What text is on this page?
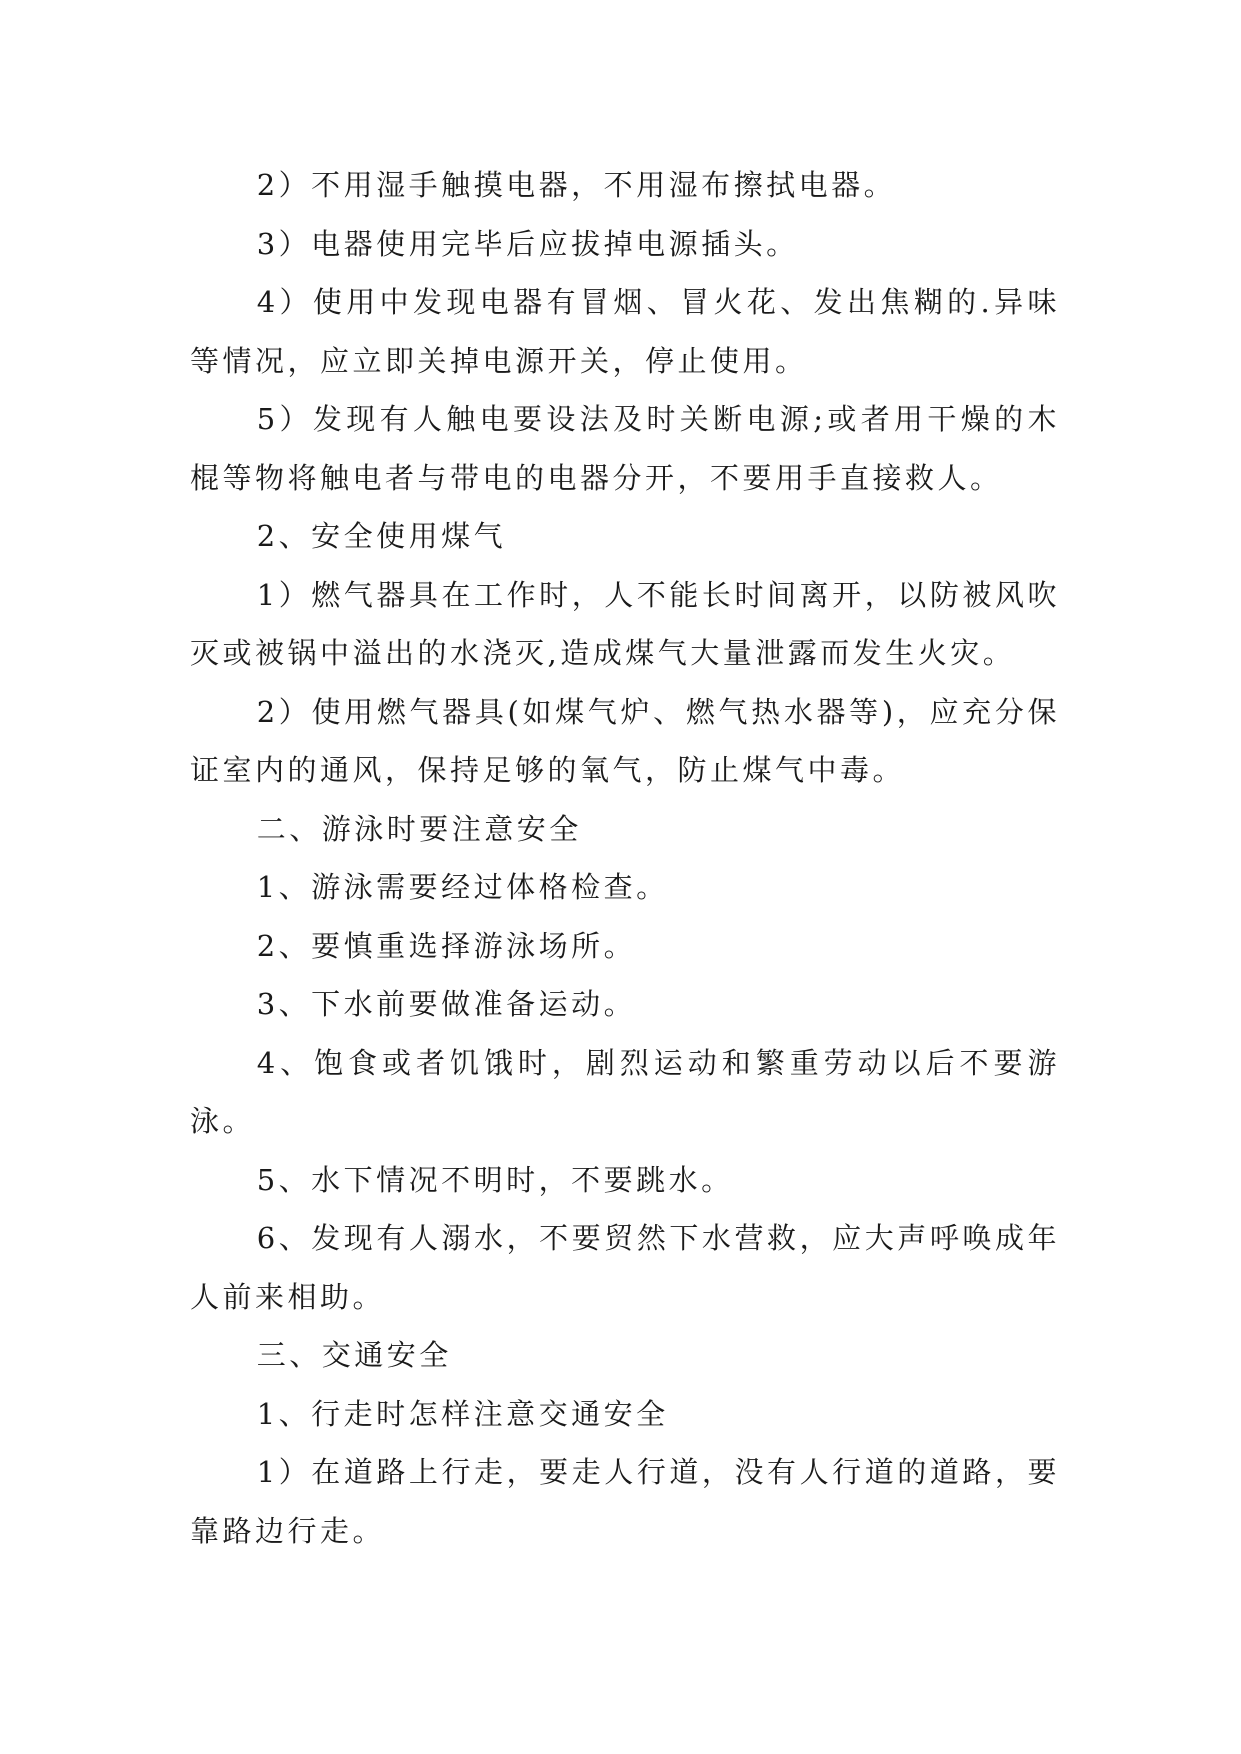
2）不用湿手触摸电器，不用湿布擦拭电器。

3）电器使用完毕后应拔掉电源插头。

4）使用中发现电器有冒烟、冒火花、发出焦糊的.异味等情况，应立即关掉电源开关，停止使用。

5）发现有人触电要设法及时关断电源;或者用干燥的木棍等物将触电者与带电的电器分开，不要用手直接救人。

2、安全使用煤气

1）燃气器具在工作时，人不能长时间离开，以防被风吹灭或被锅中溢出的水浇灭,造成煤气大量泄露而发生火灾。

2）使用燃气器具(如煤气炉、燃气热水器等)，应充分保证室内的通风，保持足够的氧气，防止煤气中毒。

二、游泳时要注意安全

1、游泳需要经过体格检查。

2、要慎重选择游泳场所。

3、下水前要做准备运动。

4、饱食或者饥饿时，剧烈运动和繁重劳动以后不要游泳。

5、水下情况不明时，不要跳水。

6、发现有人溺水，不要贸然下水营救，应大声呼唤成年人前来相助。

三、交通安全

1、行走时怎样注意交通安全

1）在道路上行走，要走人行道，没有人行道的道路，要靠路边行走。
